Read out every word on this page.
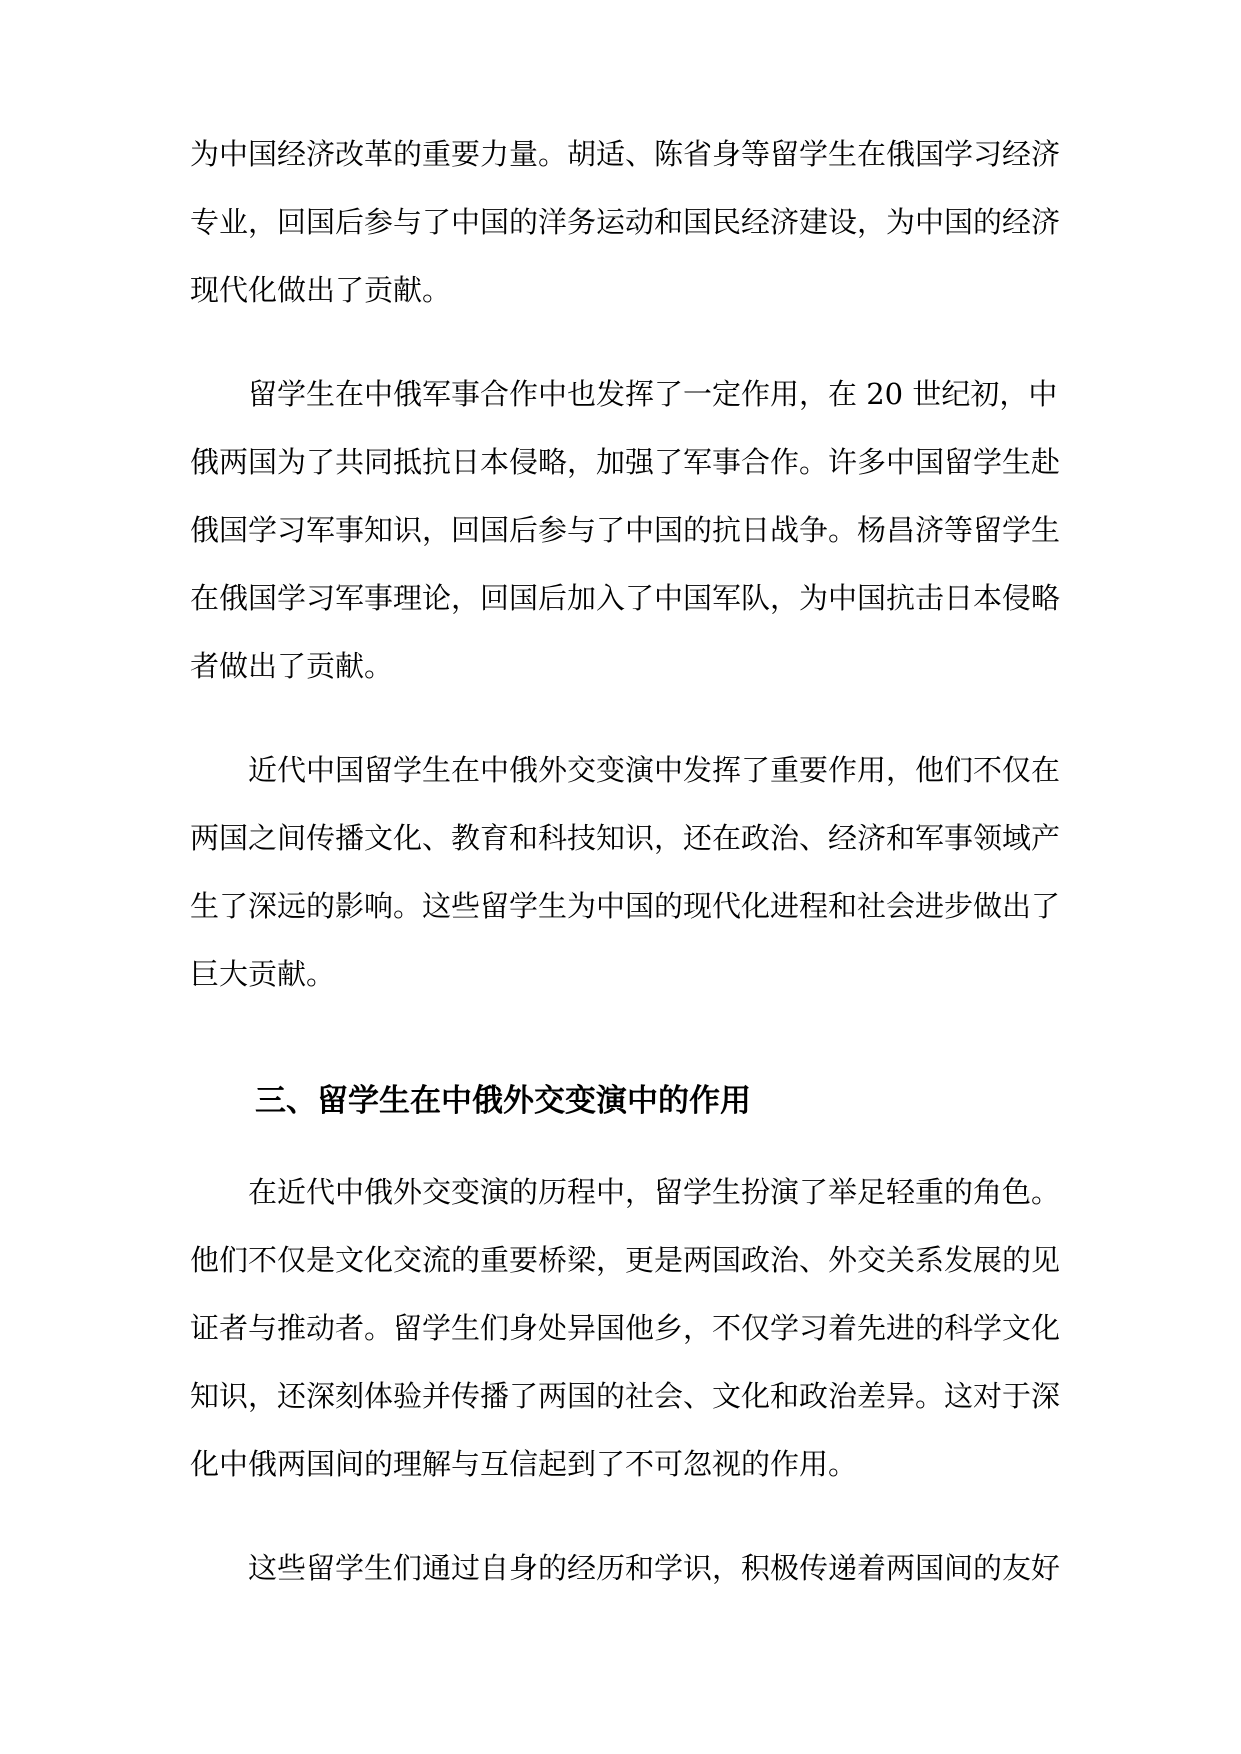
为中国经济改革的重要力量。胡适、陈省身等留学生在俄国学习经济
专业，回国后参与了中国的洋务运动和国民经济建设，为中国的经济
现代化做出了贡献。
留学生在中俄军事合作中也发挥了一定作用，在 20 世纪初，中
俄两国为了共同抵抗日本侵略，加强了军事合作。许多中国留学生赴
俄国学习军事知识，回国后参与了中国的抗日战争。杨昌济等留学生
在俄国学习军事理论，回国后加入了中国军队，为中国抗击日本侵略
者做出了贡献。
近代中国留学生在中俄外交变演中发挥了重要作用，他们不仅在
两国之间传播文化、教育和科技知识，还在政治、经济和军事领域产
生了深远的影响。这些留学生为中国的现代化进程和社会进步做出了
巨大贡献。
三、留学生在中俄外交变演中的作用
在近代中俄外交变演的历程中，留学生扮演了举足轻重的角色。
他们不仅是文化交流的重要桥梁，更是两国政治、外交关系发展的见
证者与推动者。留学生们身处异国他乡，不仅学习着先进的科学文化
知识，还深刻体验并传播了两国的社会、文化和政治差异。这对于深
化中俄两国间的理解与互信起到了不可忽视的作用。
这些留学生们通过自身的经历和学识，积极传递着两国间的友好
